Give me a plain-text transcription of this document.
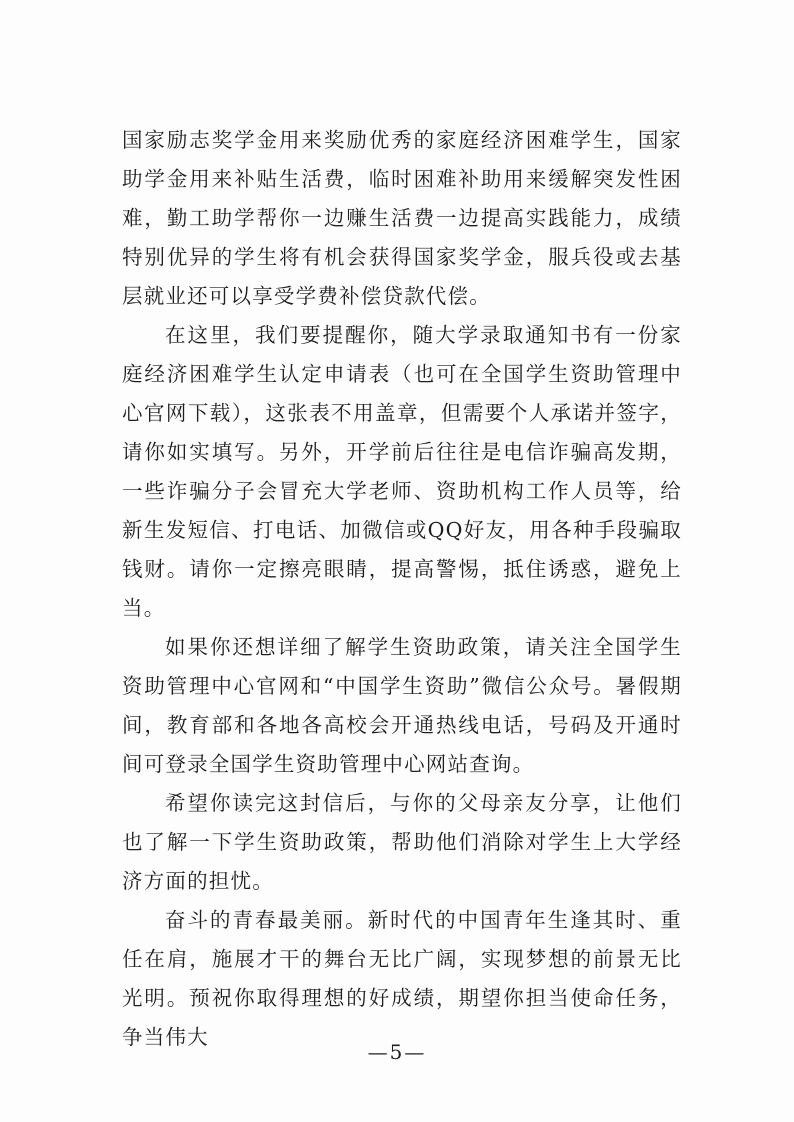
国家励志奖学金用来奖励优秀的家庭经济困难学生，国家助学金用来补贴生活费，临时困难补助用来缓解突发性困难，勤工助学帮你一边赚生活费一边提高实践能力，成绩特别优异的学生将有机会获得国家奖学金，服兵役或去基层就业还可以享受学费补偿贷款代偿。

在这里，我们要提醒你，随大学录取通知书有一份家庭经济困难学生认定申请表（也可在全国学生资助管理中心官网下载），这张表不用盖章，但需要个人承诺并签字，请你如实填写。另外，开学前后往往是电信诈骗高发期，一些诈骗分子会冒充大学老师、资助机构工作人员等，给新生发短信、打电话、加微信或QQ好友，用各种手段骗取钱财。请你一定擦亮眼睛，提高警惕，抵住诱惑，避免上当。

如果你还想详细了解学生资助政策，请关注全国学生资助管理中心官网和“中国学生资助”微信公众号。暑假期间，教育部和各地各高校会开通热线电话，号码及开通时间可登录全国学生资助管理中心网站查询。

希望你读完这封信后，与你的父母亲友分享，让他们也了解一下学生资助政策，帮助他们消除对学生上大学经济方面的担忧。

奋斗的青春最美丽。新时代的中国青年生逢其时、重任在肩，施展才干的舞台无比广阔，实现梦想的前景无比光明。预祝你取得理想的好成绩，期望你担当使命任务，争当伟大

—5—
